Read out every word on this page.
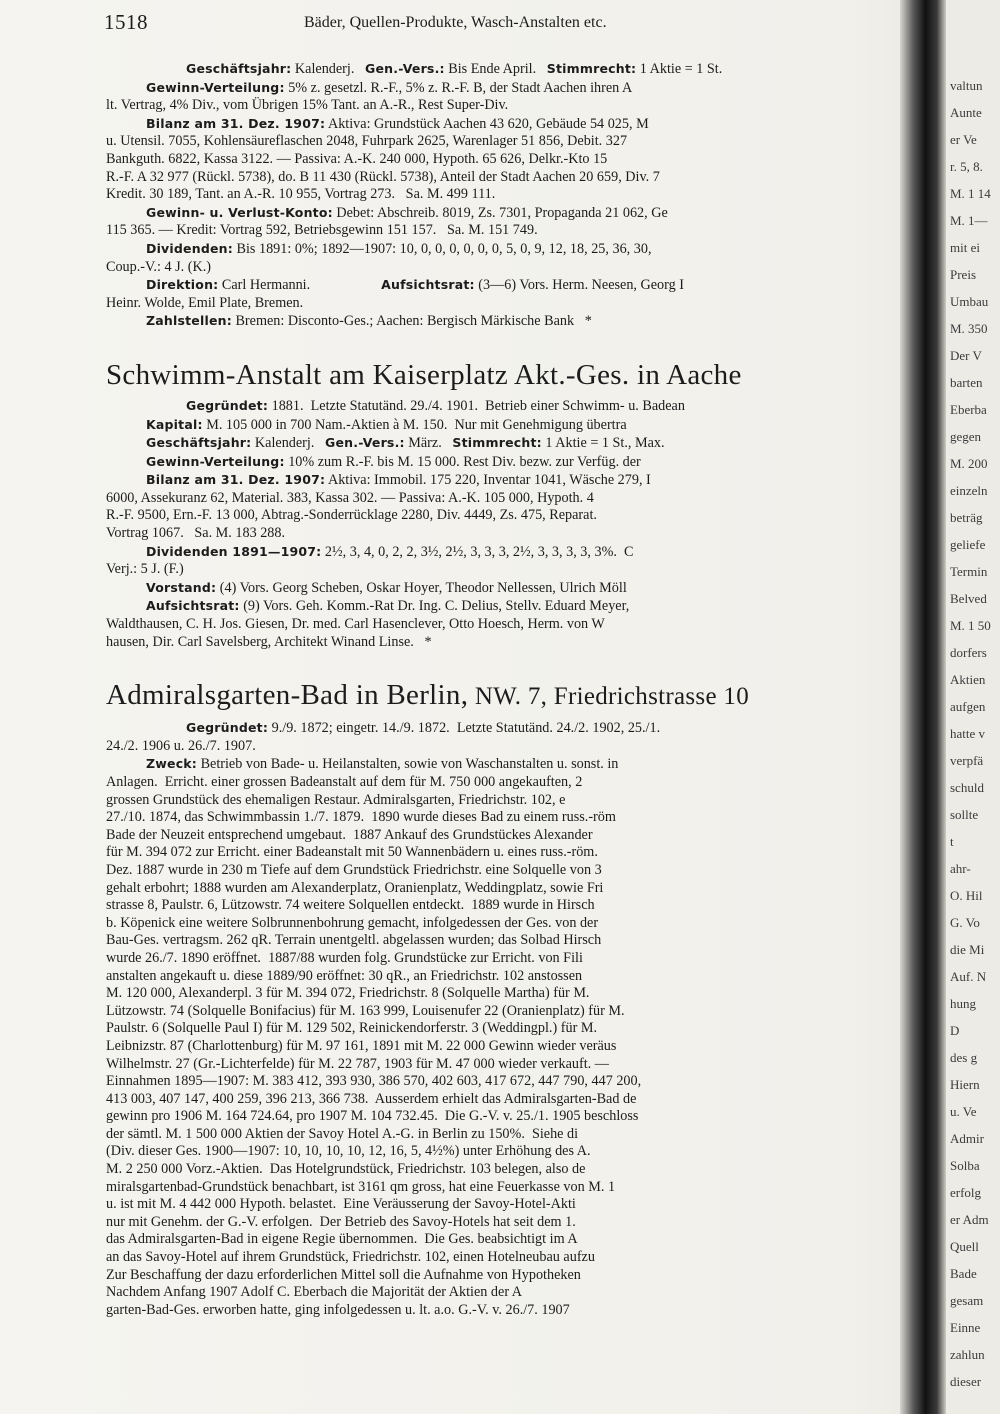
1518	Bäder, Quellen-Produkte, Wasch-Anstalten etc.
Geschäftsjahr: Kalenderj.   Gen.-Vers.: Bis Ende April.   Stimmrecht: 1 Aktie = 1 St.
Gewinn-Verteilung: 5% z. gesetzl. R.-F., 5% z. R.-F. B, der Stadt Aachen ihren A
lt. Vertrag, 4% Div., vom Übrigen 15% Tant. an A.-R., Rest Super-Div.
Bilanz am 31. Dez. 1907: Aktiva: Grundstück Aachen 43 620, Gebäude 54 025, M
u. Utensil. 7055, Kohlensäureflaschen 2048, Fuhrpark 2625, Warenlager 51 856, Debit. 327
Bankguth. 6822, Kassa 3122. — Passiva: A.-K. 240 000, Hypoth. 65 626, Delkr.-Kto 15
R.-F. A 32 977 (Rückl. 5738), do. B 11 430 (Rückl. 5738), Anteil der Stadt Aachen 20 659, Div. 7
Kredit. 30 189, Tant. an A.-R. 10 955, Vortrag 273.   Sa. M. 499 111.
Gewinn- u. Verlust-Konto: Debet: Abschreib. 8019, Zs. 7301, Propaganda 21 062, Ge
115 365. — Kredit: Vortrag 592, Betriebsgewinn 151 157.   Sa. M. 151 749.
Dividenden: Bis 1891: 0%; 1892—1907: 10, 0, 0, 0, 0, 0, 0, 5, 0, 9, 12, 18, 25, 36, 30,
Coup.-V.: 4 J. (K.)
Direktion: Carl Hermanni.                    Aufsichtsrat: (3—6) Vors. Herm. Neesen, Georg I
Heinr. Wolde, Emil Plate, Bremen.
Zahlstellen: Bremen: Disconto-Ges.; Aachen: Bergisch Märkische Bank   *
Schwimm-Anstalt am Kaiserplatz Akt.-Ges. in Aache
Gegründet: 1881.  Letzte Statutänd. 29./4. 1901.  Betrieb einer Schwimm- u. Badean
Kapital: M. 105 000 in 700 Nam.-Aktien à M. 150.  Nur mit Genehmigung übertra
Geschäftsjahr: Kalenderj.   Gen.-Vers.: März.   Stimmrecht: 1 Aktie = 1 St., Max.
Gewinn-Verteilung: 10% zum R.-F. bis M. 15 000. Rest Div. bezw. zur Verfüg. der
Bilanz am 31. Dez. 1907: Aktiva: Immobil. 175 220, Inventar 1041, Wäsche 279, I
6000, Assekuranz 62, Material. 383, Kassa 302. — Passiva: A.-K. 105 000, Hypoth. 4
R.-F. 9500, Ern.-F. 13 000, Abtrag.-Sonderrücklage 2280, Div. 4449, Zs. 475, Reparat.
Vortrag 1067.   Sa. M. 183 288.
Dividenden 1891—1907: 2½, 3, 4, 0, 2, 2, 3½, 2½, 3, 3, 3, 2½, 3, 3, 3, 3, 3%.  C
Verj.: 5 J. (F.)
Vorstand: (4) Vors. Georg Scheben, Oskar Hoyer, Theodor Nellessen, Ulrich Möll
Aufsichtsrat: (9) Vors. Geh. Komm.-Rat Dr. Ing. C. Delius, Stellv. Eduard Meyer,
Waldthausen, C. H. Jos. Giesen, Dr. med. Carl Hasenclever, Otto Hoesch, Herm. von W
hausen, Dir. Carl Savelsberg, Architekt Winand Linse.   *
Admiralsgarten-Bad in Berlin, NW. 7, Friedrichstrasse 10
Gegründet: 9./9. 1872; eingetr. 14./9. 1872.  Letzte Statutänd. 24./2. 1902, 25./1.
24./2. 1906 u. 26./7. 1907.
Zweck: Betrieb von Bade- u. Heilanstalten, sowie von Waschanstalten u. sonst. in
Anlagen.  Erricht. einer grossen Badeanstalt auf dem für M. 750 000 angekauften, 2
grossen Grundstück des ehemaligen Restaur. Admiralsgarten, Friedrichstr. 102, e
27./10. 1874, das Schwimmbassin 1./7. 1879.  1890 wurde dieses Bad zu einem russ.-röm
Bade der Neuzeit entsprechend umgebaut.  1887 Ankauf des Grundstückes Alexander
für M. 394 072 zur Erricht. einer Badeanstalt mit 50 Wannenbädern u. eines russ.-röm.
Dez. 1887 wurde in 230 m Tiefe auf dem Grundstück Friedrichstr. eine Solquelle von 3
gehalt erbohrt; 1888 wurden am Alexanderplatz, Oranienplatz, Weddingplatz, sowie Fri
strasse 8, Paulstr. 6, Lützowstr. 74 weitere Solquellen entdeckt.  1889 wurde in Hirsch
b. Köpenick eine weitere Solbrunnenbohrung gemacht, infolgedessen der Ges. von der
Bau-Ges. vertragsm. 262 qR. Terrain unentgeltl. abgelassen wurden; das Solbad Hirsch
wurde 26./7. 1890 eröffnet.  1887/88 wurden folg. Grundstücke zur Erricht. von Fili
anstalten angekauft u. diese 1889/90 eröffnet: 30 qR., an Friedrichstr. 102 anstossen
M. 120 000, Alexanderpl. 3 für M. 394 072, Friedrichstr. 8 (Solquelle Martha) für M.
Lützowstr. 74 (Solquelle Bonifacius) für M. 163 999, Louisenufer 22 (Oranienplatz) für M.
Paulstr. 6 (Solquelle Paul I) für M. 129 502, Reinickendorferstr. 3 (Weddingpl.) für M.
Leibnizstr. 87 (Charlottenburg) für M. 97 161, 1891 mit M. 22 000 Gewinn wieder veräus
Wilhelmstr. 27 (Gr.-Lichterfelde) für M. 22 787, 1903 für M. 47 000 wieder verkauft. —
Einnahmen 1895—1907: M. 383 412, 393 930, 386 570, 402 603, 417 672, 447 790, 447 200,
413 003, 407 147, 400 259, 396 213, 366 738.  Ausserdem erhielt das Admiralsgarten-Bad de
gewinn pro 1906 M. 164 724.64, pro 1907 M. 104 732.45.  Die G.-V. v. 25./1. 1905 beschloss
der sämtl. M. 1 500 000 Aktien der Savoy Hotel A.-G. in Berlin zu 150%.  Siehe di
(Div. dieser Ges. 1900—1907: 10, 10, 10, 10, 12, 16, 5, 4½%) unter Erhöhung des A.
M. 2 250 000 Vorz.-Aktien.  Das Hotelgrundstück, Friedrichstr. 103 belegen, also de
miralsgartenbad-Grundstück benachbart, ist 3161 qm gross, hat eine Feuerkasse von M. 1
u. ist mit M. 4 442 000 Hypoth. belastet.  Eine Veräusserung der Savoy-Hotel-Akti
nur mit Genehm. der G.-V. erfolgen.  Der Betrieb des Savoy-Hotels hat seit dem 1.
das Admiralsgarten-Bad in eigene Regie übernommen.  Die Ges. beabsichtigt im A
an das Savoy-Hotel auf ihrem Grundstück, Friedrichstr. 102, einen Hotelneubau aufzu
Zur Beschaffung der dazu erforderlichen Mittel soll die Aufnahme von Hypotheken
Nachdem Anfang 1907 Adolf C. Eberbach die Majorität der Aktien der A
garten-Bad-Ges. erworben hatte, ging infolgedessen u. lt. a.o. G.-V. v. 26./7. 1907
valtun
Aunte
er Ve
r. 5, 8.
M. 1 14
M. 1—
mit ei
Preis
Umbau
M. 350
Der V
barten
Eberba
gegen
M. 200
einzeln
beträg
geliefe
Termin
Belved
M. 1 50
dorfers
Aktien
aufgen
hatte v
verpfä
schuld
sollte
t
ahr-
O. Hil
G. Vo
die Mi
Auf. N
hung
D
des g
Hiern
u. Ve
Admir
Solba
erfolg
er Adm
Quell
Bade
gesam
Einne
zahlun
dieser
